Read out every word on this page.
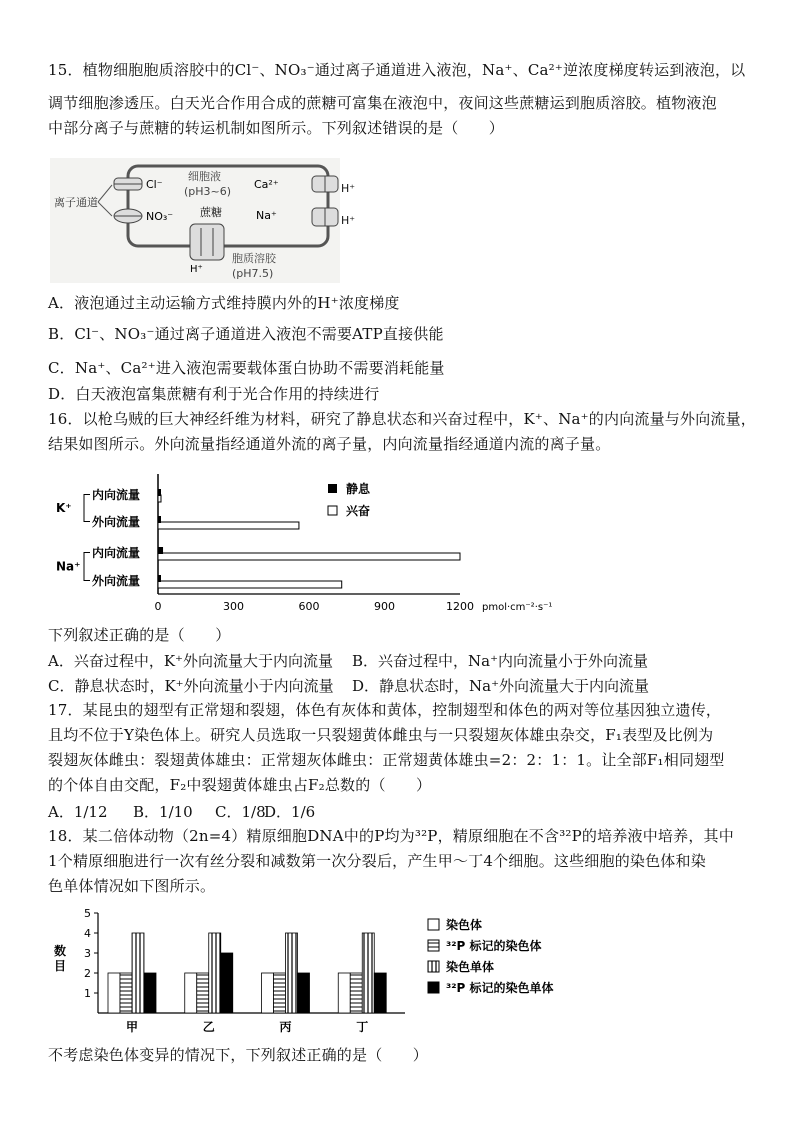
15．植物细胞胞质溶胶中的Cl⁻、NO₃⁻通过离子通道进入液泡，Na⁺、Ca²⁺逆浓度梯度转运到液泡，以
调节细胞渗透压。白天光合作用合成的蔗糖可富集在液泡中，夜间这些蔗糖运到胞质溶胶。植物液泡
中部分离子与蔗糖的转运机制如图所示。下列叙述错误的是（　　）
离子通道
Cl⁻
NO₃⁻
细胞液
(pH3~6)
蔗糖
H⁺
胞质溶胶
(pH7.5)
Ca²⁺
Na⁺
H⁺
H⁺
A．液泡通过主动运输方式维持膜内外的H⁺浓度梯度
B．Cl⁻、NO₃⁻通过离子通道进入液泡不需要ATP直接供能
C．Na⁺、Ca²⁺进入液泡需要载体蛋白协助不需要消耗能量
D．白天液泡富集蔗糖有利于光合作用的持续进行
16．以枪乌贼的巨大神经纤维为材料，研究了静息状态和兴奋过程中，K⁺、Na⁺的内向流量与外向流量，
结果如图所示。外向流量指经通道外流的离子量，内向流量指经通道内流的离子量。
0	300	600	900	1200 pmol·cm⁻²·s⁻¹
K⁺
Na⁺
内向流量
外向流量
内向流量
外向流量
静息
兴奋
下列叙述正确的是（　　）
A．兴奋过程中，K⁺外向流量大于内向流量 B．兴奋过程中，Na⁺内向流量小于外向流量
C．静息状态时，K⁺外向流量小于内向流量 D．静息状态时，Na⁺外向流量大于内向流量
17．某昆虫的翅型有正常翅和裂翅，体色有灰体和黄体，控制翅型和体色的两对等位基因独立遗传，
且均不位于Y染色体上。研究人员选取一只裂翅黄体雌虫与一只裂翅灰体雄虫杂交，F₁表型及比例为
裂翅灰体雌虫：裂翅黄体雄虫：正常翅灰体雌虫：正常翅黄体雄虫=2：2：1：1。让全部F₁相同翅型
的个体自由交配，F₂中裂翅黄体雄虫占F₂总数的（　　）
A．1/12 B．1/10 C．1/8
D．1/6
18．某二倍体动物（2n=4）精原细胞DNA中的P均为³²P，精原细胞在不含³²P的培养液中培养，其中
1个精原细胞进行一次有丝分裂和减数第一次分裂后，产生甲～丁4个细胞。这些细胞的染色体和染
色单体情况如下图所示。
1
2
3
4
5
数
目
甲	乙	丙	丁
染色体
³²P 标记的染色体
染色单体
³²P 标记的染色单体
不考虑染色体变异的情况下，下列叙述正确的是（　　）
